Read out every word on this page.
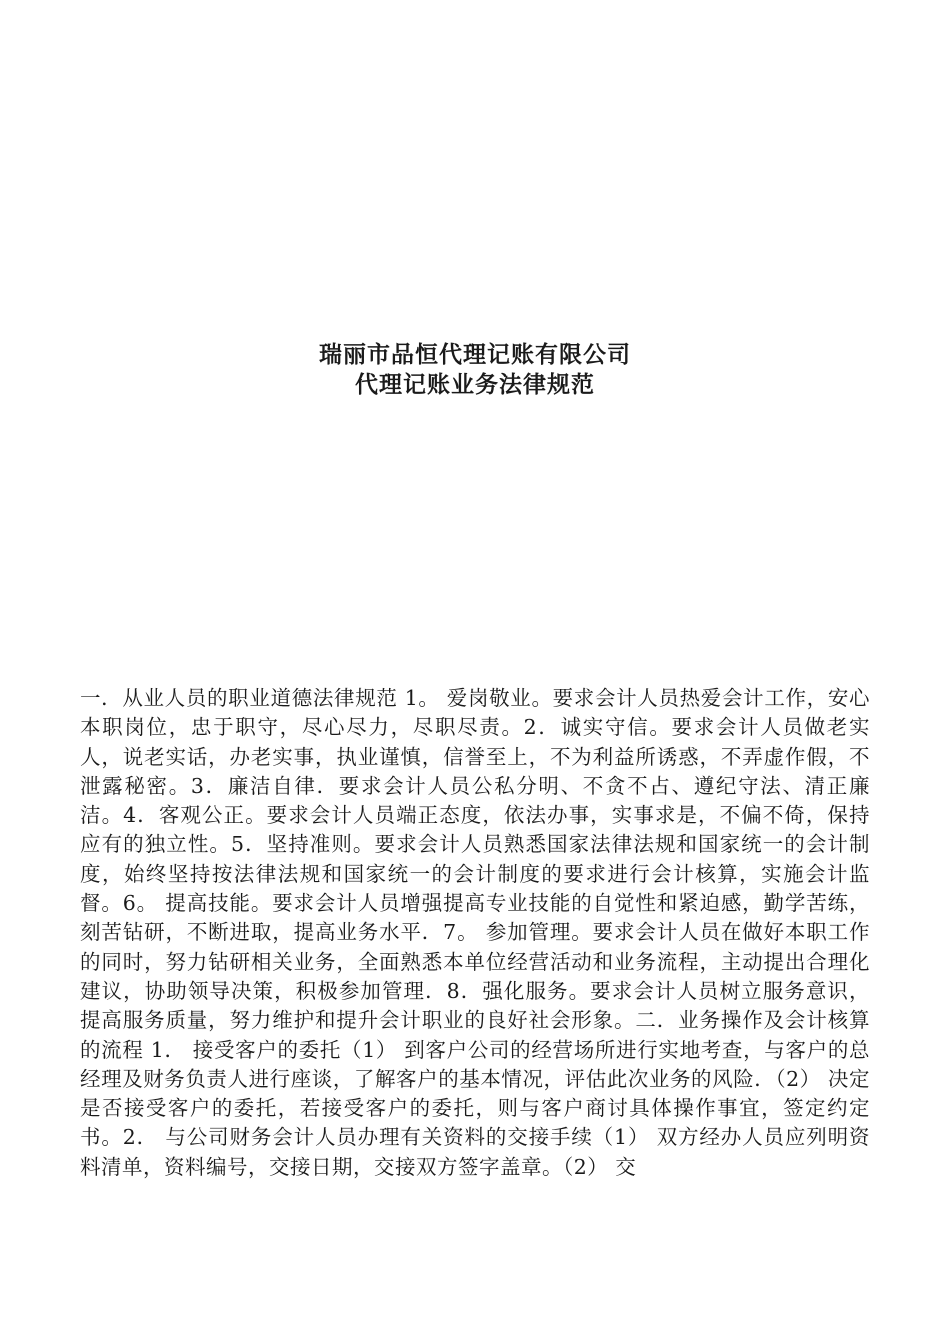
瑞丽市品恒代理记账有限公司
代理记账业务法律规范
一．从业人员的职业道德法律规范 1。 爱岗敬业。要求会计人员热爱会计工作，安心本职岗位，忠于职守，尽心尽力，尽职尽责。2．诚实守信。要求会计人员做老实人，说老实话，办老实事，执业谨慎，信誉至上，不为利益所诱惑，不弄虚作假，不泄露秘密。3．廉洁自律．要求会计人员公私分明、不贪不占、遵纪守法、清正廉洁。4．客观公正。要求会计人员端正态度，依法办事，实事求是，不偏不倚，保持应有的独立性。5．坚持准则。要求会计人员熟悉国家法律法规和国家统一的会计制度，始终坚持按法律法规和国家统一的会计制度的要求进行会计核算，实施会计监督。6。 提高技能。要求会计人员增强提高专业技能的自觉性和紧迫感，勤学苦练，刻苦钻研，不断进取，提高业务水平．7。 参加管理。要求会计人员在做好本职工作的同时，努力钻研相关业务，全面熟悉本单位经营活动和业务流程，主动提出合理化建议，协助领导决策，积极参加管理．8．强化服务。要求会计人员树立服务意识，提高服务质量，努力维护和提升会计职业的良好社会形象。二．业务操作及会计核算的流程 1． 接受客户的委托（1） 到客户公司的经营场所进行实地考查，与客户的总经理及财务负责人进行座谈，了解客户的基本情况，评估此次业务的风险．（2） 决定是否接受客户的委托，若接受客户的委托，则与客户商讨具体操作事宜，签定约定书。2． 与公司财务会计人员办理有关资料的交接手续（1） 双方经办人员应列明资料清单，资料编号，交接日期，交接双方签字盖章。（2） 交
